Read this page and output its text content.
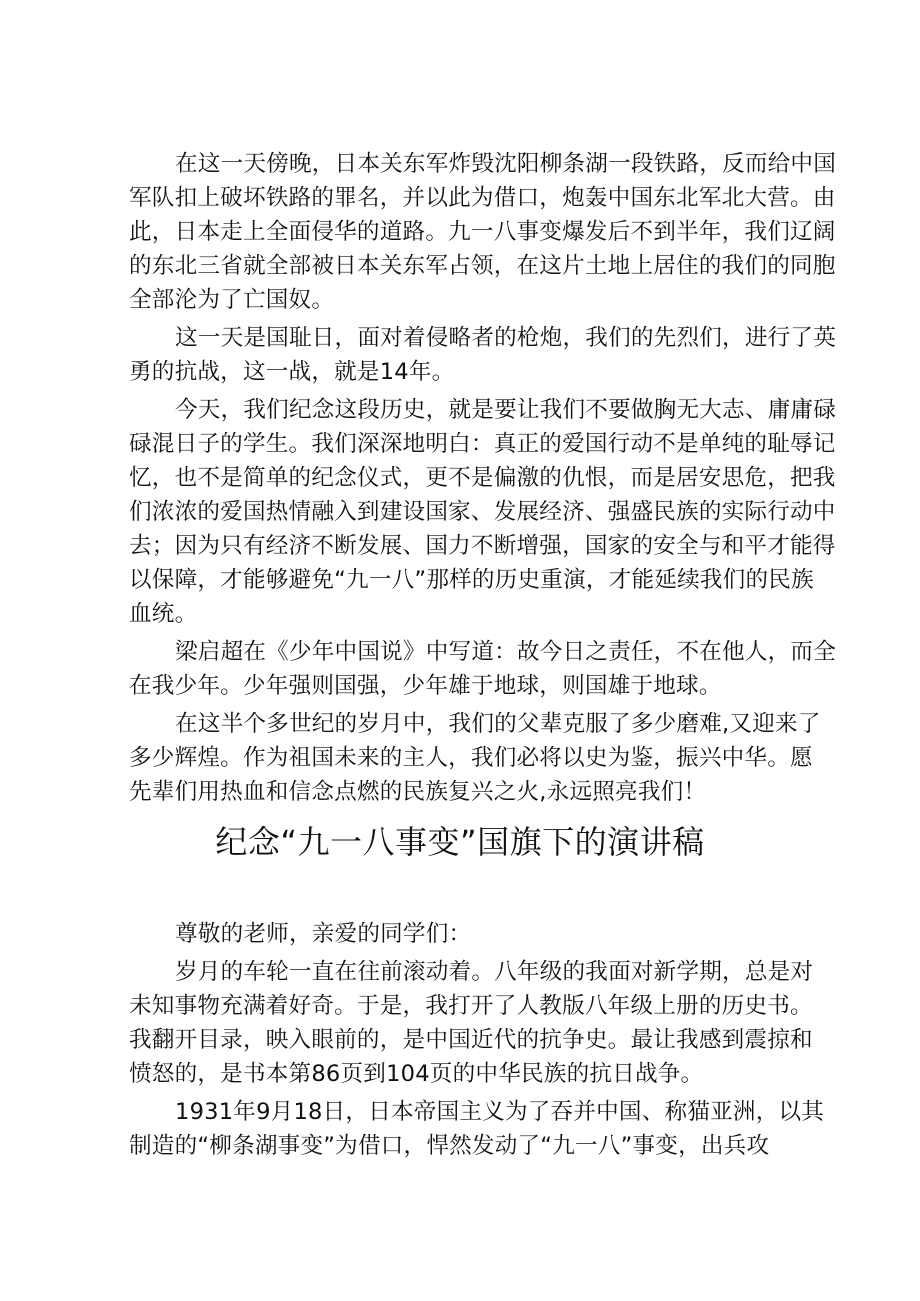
在这一天傍晚，日本关东军炸毁沈阳柳条湖一段铁路，反而给中国
军队扣上破坏铁路的罪名，并以此为借口，炮轰中国东北军北大营。由
此，日本走上全面侵华的道路。九一八事变爆发后不到半年，我们辽阔
的东北三省就全部被日本关东军占领，在这片土地上居住的我们的同胞
全部沦为了亡国奴。
这一天是国耻日，面对着侵略者的枪炮，我们的先烈们，进行了英
勇的抗战，这一战，就是14年。
今天，我们纪念这段历史，就是要让我们不要做胸无大志、庸庸碌
碌混日子的学生。我们深深地明白：真正的爱国行动不是单纯的耻辱记
忆，也不是简单的纪念仪式，更不是偏激的仇恨，而是居安思危，把我
们浓浓的爱国热情融入到建设国家、发展经济、强盛民族的实际行动中
去；因为只有经济不断发展、国力不断增强，国家的安全与和平才能得
以保障，才能够避免“九一八”那样的历史重演，才能延续我们的民族
血统。
梁启超在《少年中国说》中写道：故今日之责任，不在他人，而全
在我少年。少年强则国强，少年雄于地球，则国雄于地球。
在这半个多世纪的岁月中，我们的父辈克服了多少磨难,又迎来了
多少辉煌。作为祖国未来的主人，我们必将以史为鉴，振兴中华。愿
先辈们用热血和信念点燃的民族复兴之火,永远照亮我们！
纪念“九一八事变”国旗下的演讲稿
尊敬的老师，亲爱的同学们：
岁月的车轮一直在往前滚动着。八年级的我面对新学期，总是对
未知事物充满着好奇。于是，我打开了人教版八年级上册的历史书。
我翻开目录，映入眼前的，是中国近代的抗争史。最让我感到震掠和
愤怒的，是书本第86页到104页的中华民族的抗日战争。
1931年9月18日，日本帝国主义为了吞并中国、称猫亚洲，以其
制造的“柳条湖事变”为借口，悍然发动了“九一八”事变，出兵攻
